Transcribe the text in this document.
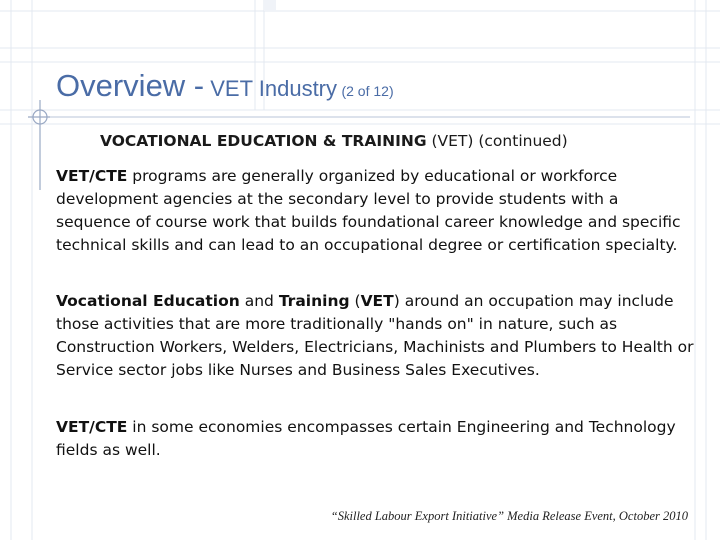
Overview - VET Industry (2 of 12)
VOCATIONAL EDUCATION & TRAINING (VET) (continued)
VET/CTE programs are generally organized by educational or workforce development agencies at the secondary level to provide students with a sequence of course work that builds foundational career knowledge and specific technical skills and can lead to an occupational degree or certification specialty.
Vocational Education and Training (VET) around an occupation may include those activities that are more traditionally "hands on" in nature, such as Construction Workers, Welders, Electricians, Machinists and Plumbers to Health or Service sector jobs like Nurses and Business Sales Executives.
VET/CTE in some economies encompasses certain Engineering and Technology fields as well.
“Skilled Labour Export Initiative” Media Release Event, October 2010
